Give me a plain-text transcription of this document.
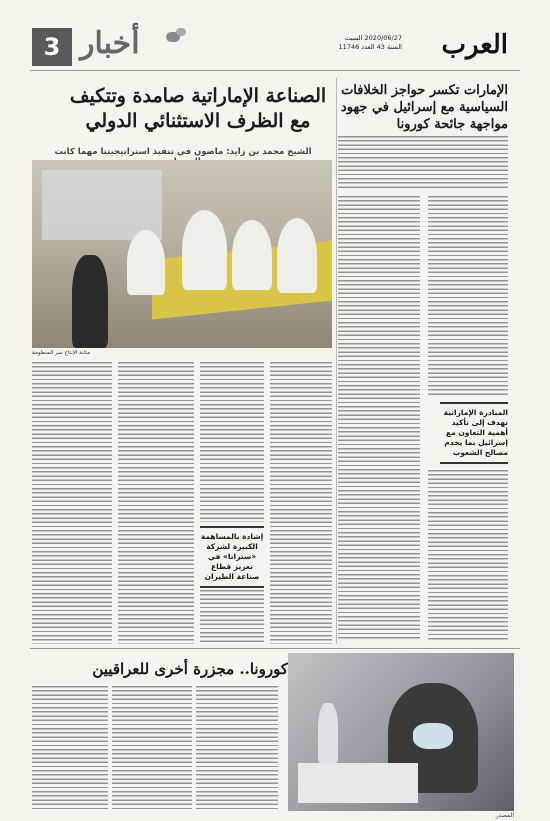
3 أخبار	العرب
2020/06/27 السبت
السنة 43 العدد 11746
الإمارات تكسر حواجز الخلافات السياسية مع إسرائيل في جهود مواجهة جائحة كورونا
المبادرة الإماراتية تهدف إلى تأكيد أهمية التعاون مع إسرائيل بما يخدم مصالح الشعوب
الصناعة الإماراتية صامدة وتتكيف
مع الظرف الاستثنائي الدولي
الشيخ محمد بن زايد: ماضون في تنفيذ استراتيجيتنا مهما كانت
مثابة الإنتاج سر المنظومة
إشادة بالمساهمة الكبيرة لشركة «ستراتا» في تعزيز قطاع صناعة الطيران
كورونا.. مجزرة أخرى للعراقيين
المصدر
